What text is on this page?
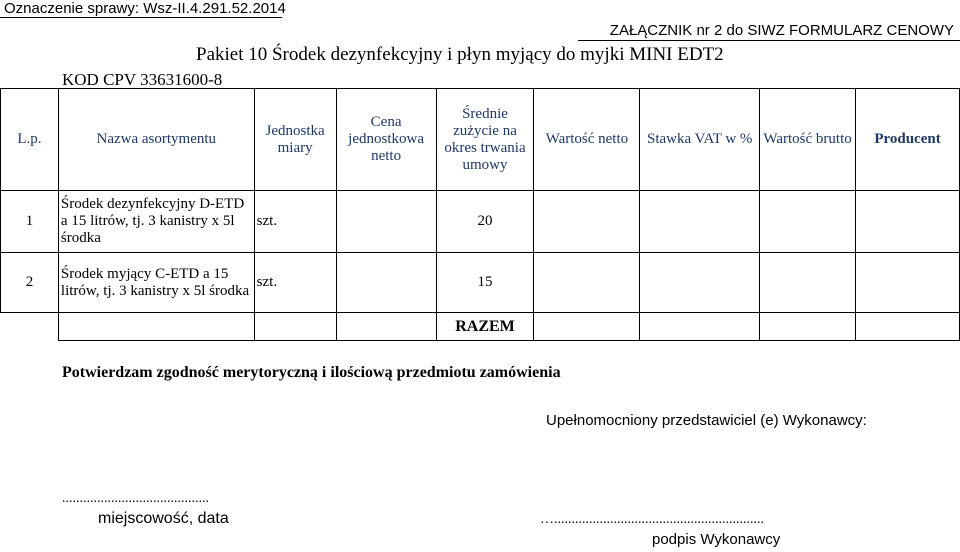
Oznaczenie sprawy: Wsz-II.4.291.52.2014
ZAŁĄCZNIK nr 2 do SIWZ FORMULARZ CENOWY
Pakiet 10 Środek dezynfekcyjny i płyn myjący do myjki MINI EDT2
KOD CPV 33631600-8
L.p.	Nazwa asortymentu	Jednostka miary	Cena jednostkowa netto	Średnie zużycie na okres trwania umowy	Wartość netto	Stawka VAT w %	Wartość brutto	Producent
1	Środek dezynfekcyjny D-ETD a 15 litrów, tj. 3 kanistry x 5l środka	szt.		20				
2	Środek myjący C-ETD a 15 litrów, tj. 3 kanistry x 5l środka	szt.		15				
				RAZEM				
Potwierdzam zgodność merytoryczną i ilościową przedmiotu zamówienia
Upełnomocniony przedstawiciel (e) Wykonawcy:
..........................................
miejscowość, data	…............................................................
podpis Wykonawcy
